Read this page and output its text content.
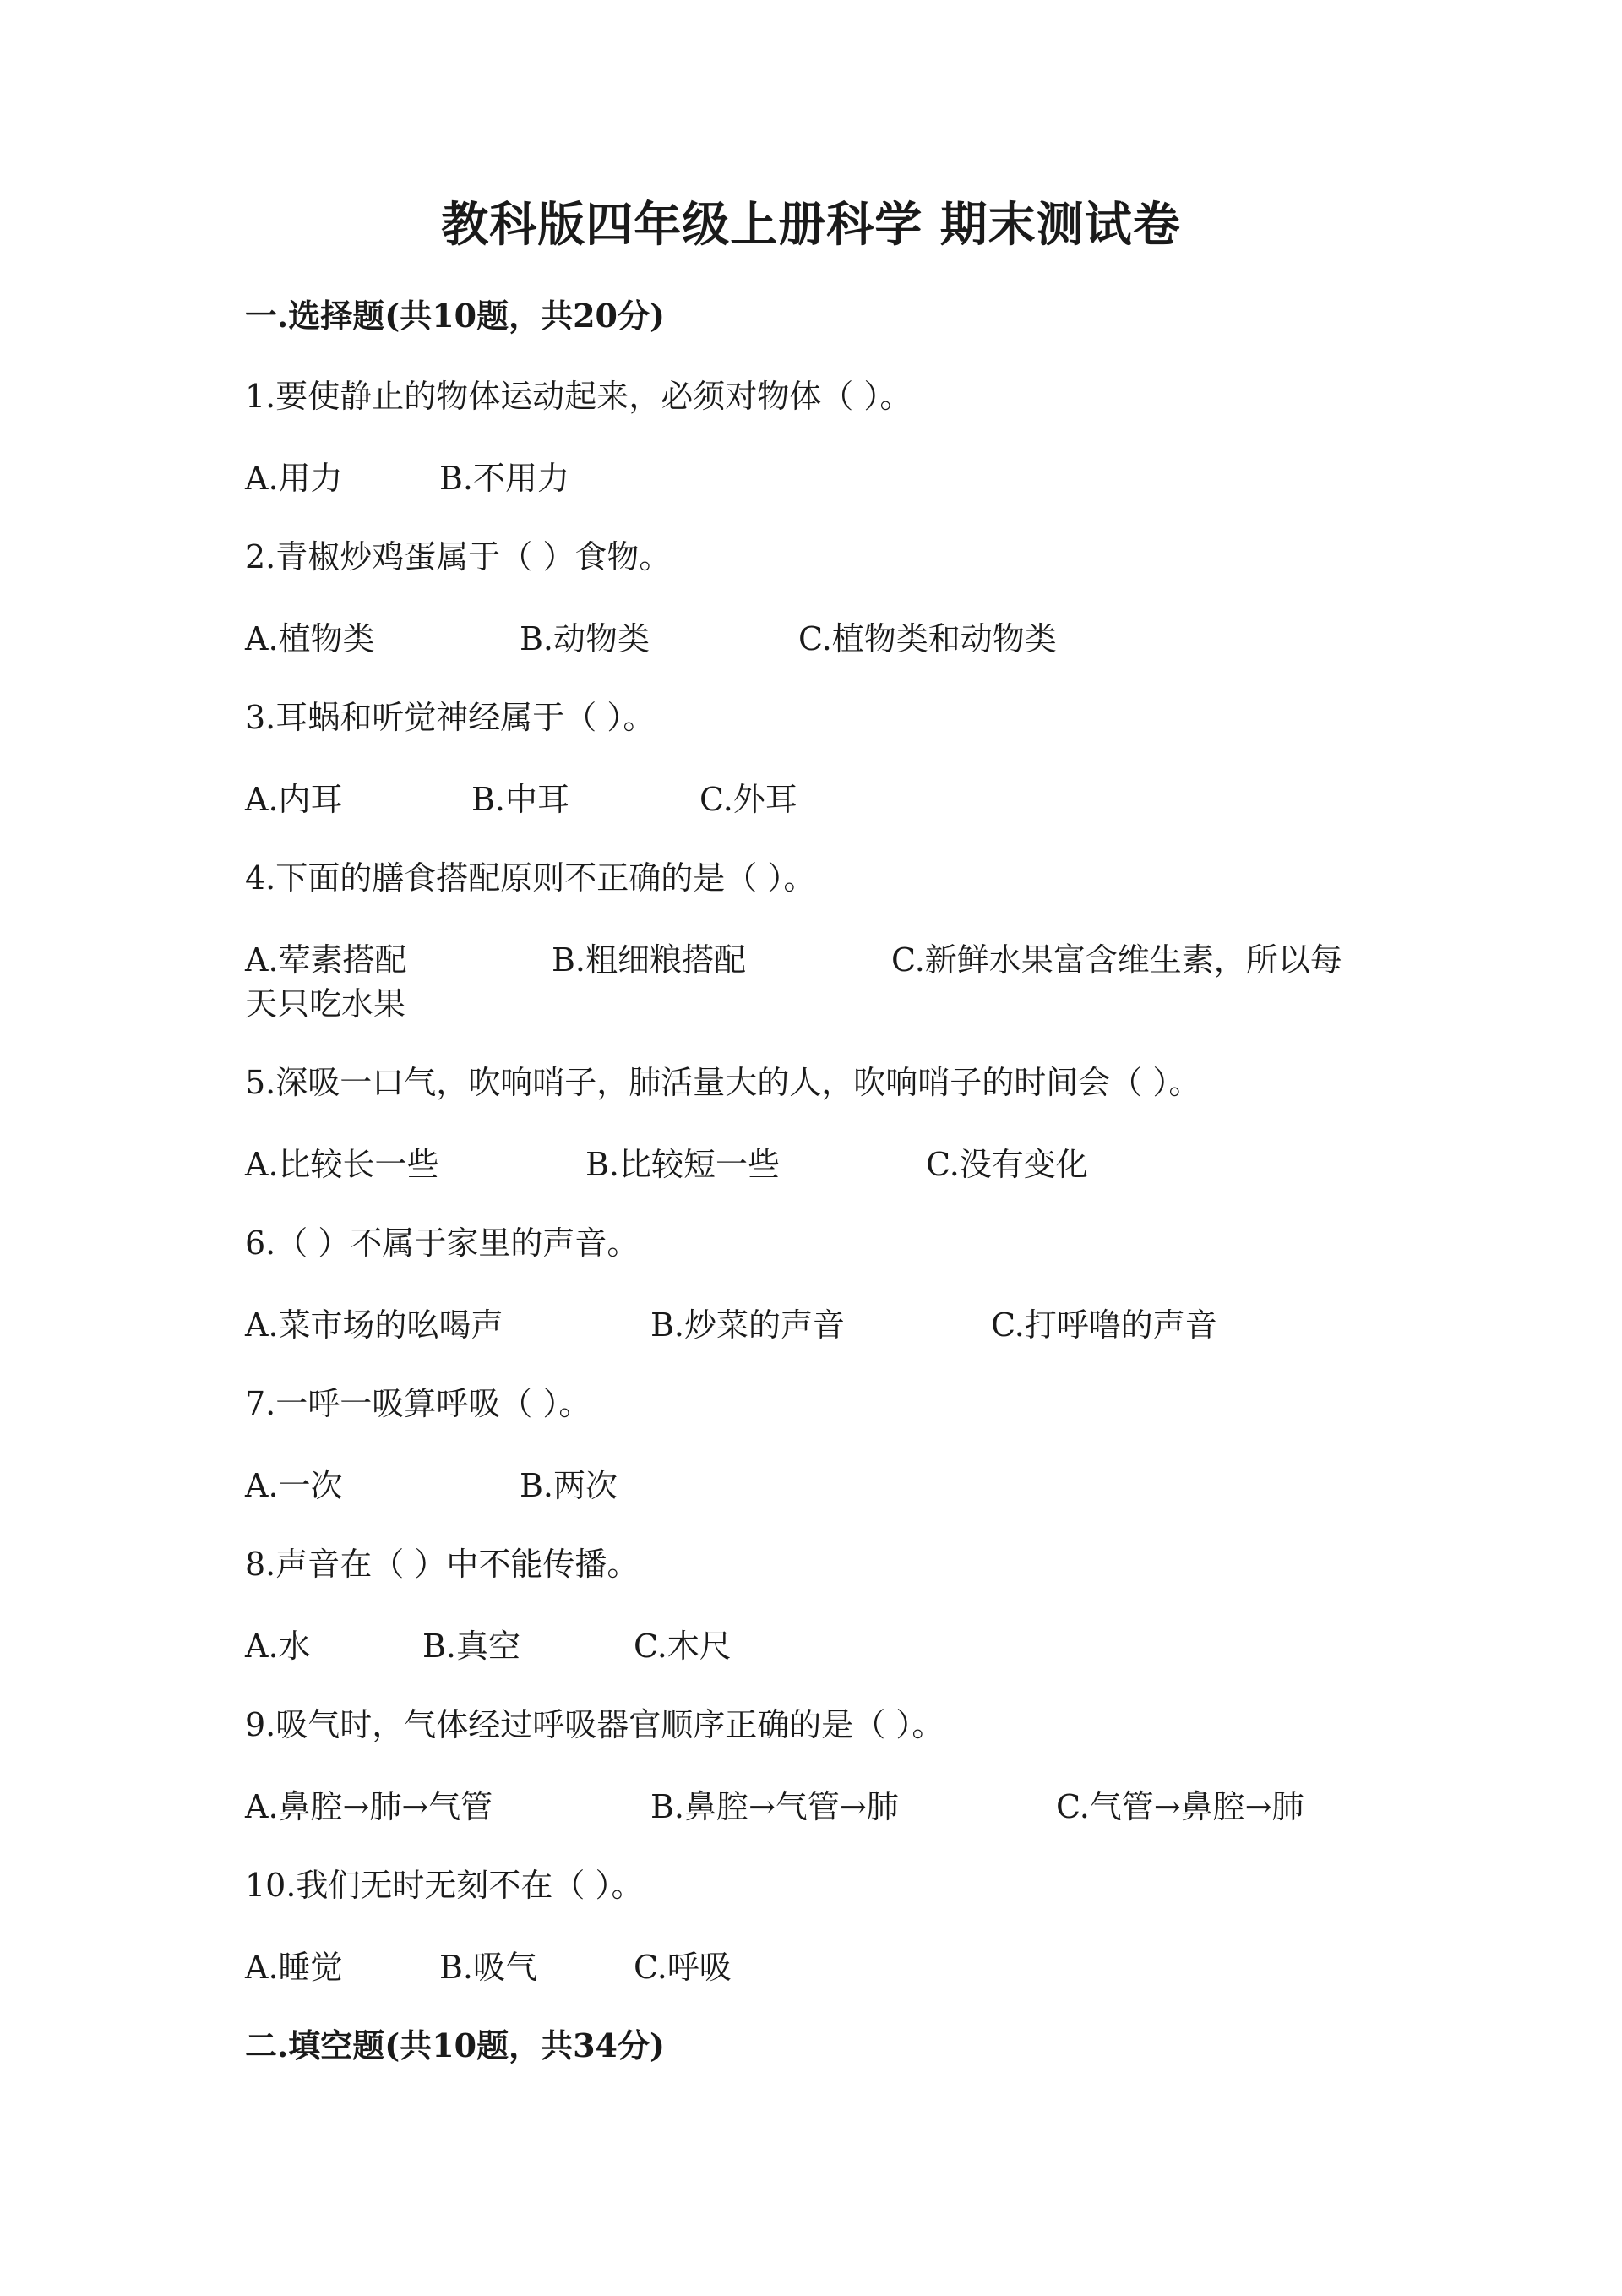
教科版四年级上册科学 期末测试卷
一.选择题(共10题，共20分)
1.要使静止的物体运动起来，必须对物体（ ）。
A.用力	B.不用力
2.青椒炒鸡蛋属于（ ）食物。
A.植物类	B.动物类	C.植物类和动物类
3.耳蜗和听觉神经属于（ ）。
A.内耳	B.中耳	C.外耳
4.下面的膳食搭配原则不正确的是（ ）。
A.荤素搭配	B.粗细粮搭配	C.新鲜水果富含维生素，所以每
天只吃水果
5.深吸一口气，吹响哨子，肺活量大的人，吹响哨子的时间会（ ）。
A.比较长一些	B.比较短一些	C.没有变化
6.（ ）不属于家里的声音。
A.菜市场的吆喝声	B.炒菜的声音	C.打呼噜的声音
7.一呼一吸算呼吸（ ）。
A.一次	B.两次
8.声音在（ ）中不能传播。
A.水	B.真空	C.木尺
9.吸气时，气体经过呼吸器官顺序正确的是（ ）。
A.鼻腔→肺→气管	B.鼻腔→气管→肺	C.气管→鼻腔→肺
10.我们无时无刻不在（ ）。
A.睡觉	B.吸气	C.呼吸
二.填空题(共10题，共34分)
